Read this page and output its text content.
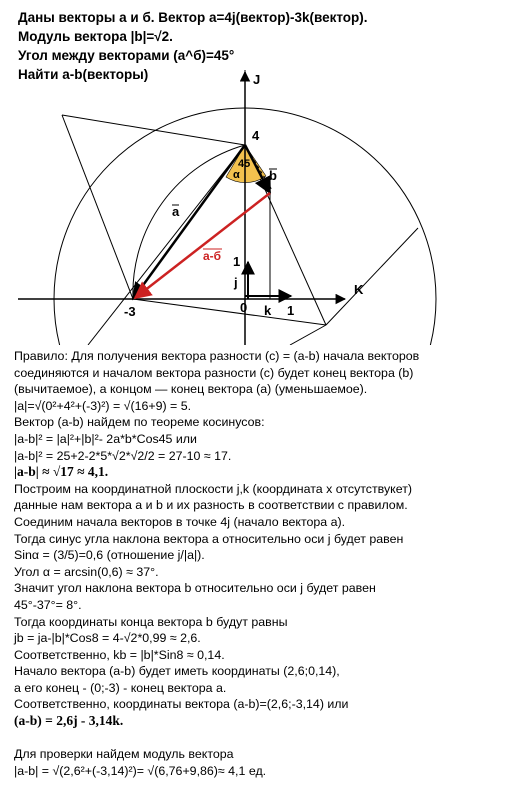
Даны векторы а и б. Вектор а=4j(вектор)-3k(вектор).
Модуль вектора |b|=√2.
Угол между векторами (а^б)=45°
Найти а-b(векторы)	J
K
4
-3	0	1
1
j
k
45
α
a
b
a-б
Правило: Для получения вектора разности (c) = (a-b) начала векторов
соединяются и началом вектора разности (c) будет конец вектора (b)
(вычитаемое), а концом — конец вектора (a) (уменьшаемое).
|a|=√(0²+4²+(-3)²) = √(16+9) = 5.
Вектор (a-b) найдем по теореме косинусов:
|a-b|² = |a|²+|b|²- 2a*b*Cos45 или
|a-b|² = 25+2-2*5*√2*√2/2 = 27-10 ≈ 17.
|a-b| ≈ √17 ≈ 4,1.
Построим на координатной плоскости j,k (координата х отсутствукет)
данные нам вектора a и b и их разность в соответствии с правилом.
Соединим начала векторов в точке 4j (начало вектора а).
Тогда синус угла наклона вектора a относительно оси j будет равен
Sinα = (3/5)=0,6 (отношение j/|a|).
Угол α = arcsin(0,6) ≈ 37°.
Значит угол наклона вектора b относительно оси j будет равен
45°-37°= 8°.
Тогда координаты конца вектора b будут равны
jb = ja-|b|*Cos8 = 4-√2*0,99 ≈ 2,6.
Соответственно, kb = |b|*Sin8 ≈ 0,14.
Начало вектора (a-b) будет иметь координаты (2,6;0,14),
а его конец - (0;-3) - конец вектора а.
Соответственно, координаты вектора (a-b)=(2,6;-3,14) или
(a-b) = 2,6j - 3,14k.
Для проверки найдем модуль вектора
|a-b| = √(2,6²+(-3,14)²)= √(6,76+9,86)≈ 4,1 ед.
